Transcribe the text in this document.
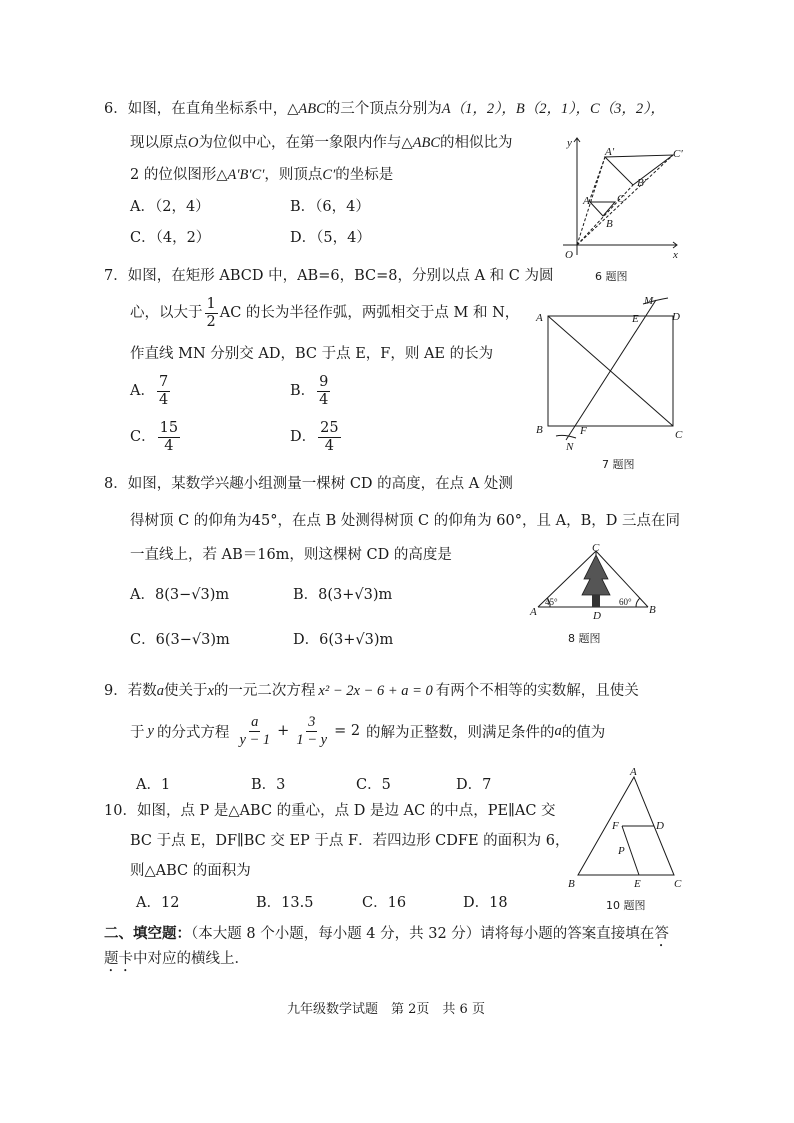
6．如图，在直角坐标系中，△ABC的三个顶点分别为A（1，2），B（2，1），C（3，2），
现以原点O为位似中心，在第一象限内作与△ABC的相似比为
2 的位似图形△A′B′C′，则顶点C′的坐标是
A．（2，4）	B．（6，4）
C．（4，2）	D．（5，4）
y
x
O
A
B
C
A′
B′
C′
6 题图
7．如图，在矩形 ABCD 中，AB=6，BC=8，分别以点 A 和 C 为圆
心，以大于 $\frac{1}{2}$ AC 的长为半径作弧，两弧相交于点 M 和 N，
作直线 MN 分别交 AD，BC 于点 E，F，则 AE 的长为
A． $\frac{7}{4}$	B． $\frac{9}{4}$
C． $\frac{15}{4}$	D． $\frac{25}{4}$
A
B	C
D
E
F
M
N
7 题图
8．如图，某数学兴趣小组测量一棵树 CD 的高度，在点 A 处测
得树顶 C 的仰角为45°，在点 B 处测得树顶 C 的仰角为 60°，且 A，B，D 三点在同
一直线上，若 AB＝16m，则这棵树 CD 的高度是
A．8(3−√3)m	B．8(3+√3)m
C．6(3−√3)m	D．6(3+√3)m
C
A	B
D
45°	60°
8 题图
9．若数a使关于x的一元二次方程 x² − 2x − 6 + a = 0 有两个不相等的实数解，且使关
于 y 的分式方程 $\frac{a}{y - 1} + \frac{3}{1 - y} = 2$ 的解为正整数，则满足条件的 a 的值为
A．1	B．3	C．5	D．7
10．如图，点 P 是△ABC 的重心，点 D 是边 AC 的中点，PE∥AC 交
BC 于点 E，DF∥BC 交 EP 于点 F．若四边形 CDFE 的面积为 6，
则△ABC 的面积为
A．12	B．13.5	C．16	D．18
A
B	C
D
E
F
P
10 题图
二、填空题：（本大题 8 个小题，每小题 4 分，共 32 分）请将每小题的答案直接填在答
题卡中对应的横线上．
九年级数学试题　第 2页　共 6 页
